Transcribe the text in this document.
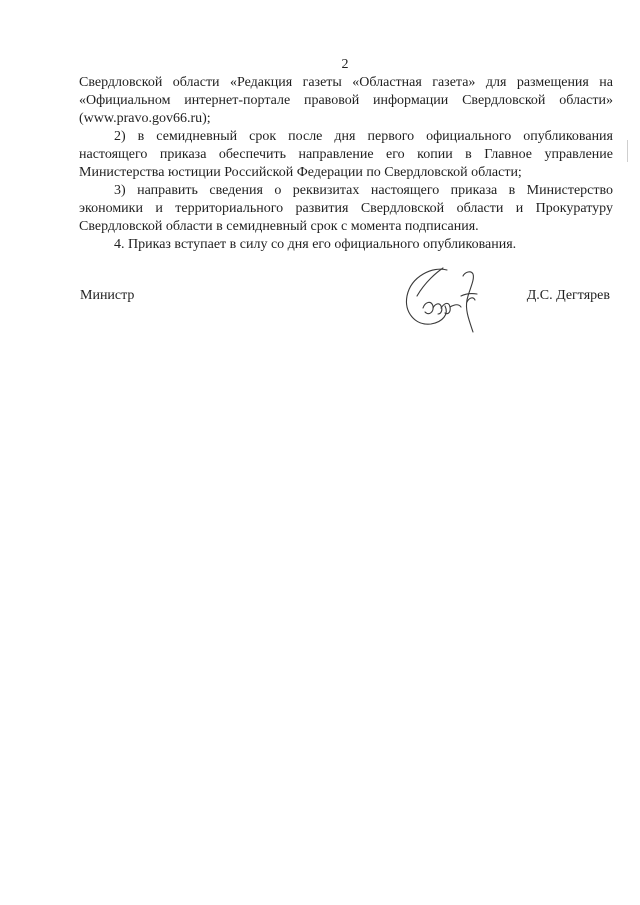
2

Свердловской области «Редакция газеты «Областная газета» для размещения на «Официальном интернет-портале правовой информации Свердловской области» (www.pravo.gov66.ru);

2) в семидневный срок после дня первого официального опубликования настоящего приказа обеспечить направление его копии в Главное управление Министерства юстиции Российской Федерации по Свердловской области;

3) направить сведения о реквизитах настоящего приказа в Министерство экономики и территориального развития Свердловской области и Прокуратуру Свердловской области в семидневный срок с момента подписания.

4. Приказ вступает в силу со дня его официального опубликования.

Министр	Д.С. Дегтярев
